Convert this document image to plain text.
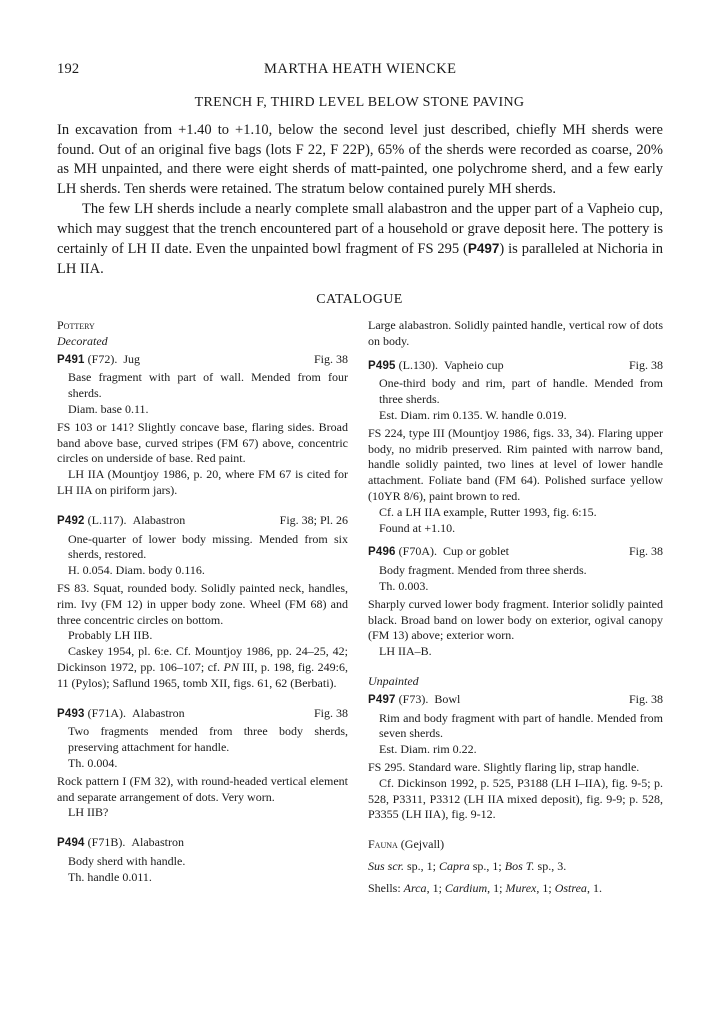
192	MARTHA HEATH WIENCKE
TRENCH F, THIRD LEVEL BELOW STONE PAVING

In excavation from +1.40 to +1.10, below the second level just described, chiefly MH sherds were found. Out of an original five bags (lots F 22, F 22P), 65% of the sherds were recorded as coarse, 20% as MH unpainted, and there were eight sherds of matt-painted, one polychrome sherd, and a few early LH sherds. Ten sherds were retained. The stratum below contained purely MH sherds.

The few LH sherds include a nearly complete small alabastron and the upper part of a Vapheio cup, which may suggest that the trench encountered part of a household or grave deposit here. The pottery is certainly of LH II date. Even the unpainted bowl fragment of FS 295 (P497) is paralleled at Nichoria in LH IIA.

CATALOGUE

Pottery

Decorated

P491 (F72). Jug	Fig. 38

Base fragment with part of wall. Mended from four sherds.

Diam. base 0.11.

FS 103 or 141? Slightly concave base, flaring sides. Broad band above base, curved stripes (FM 67) above, concentric circles on underside of base. Red paint.

LH IIA (Mountjoy 1986, p. 20, where FM 67 is cited for LH IIA on piriform jars).

P492 (L.117). Alabastron	Fig. 38; Pl. 26

One-quarter of lower body missing. Mended from six sherds, restored.

H. 0.054. Diam. body 0.116.

FS 83. Squat, rounded body. Solidly painted neck, handles, rim. Ivy (FM 12) in upper body zone. Wheel (FM 68) and three concentric circles on bottom.

Probably LH IIB.

Caskey 1954, pl. 6:e. Cf. Mountjoy 1986, pp. 24–25, 42; Dickinson 1972, pp. 106–107; cf. PN III, p. 198, fig. 249:6, 11 (Pylos); Saflund 1965, tomb XII, figs. 61, 62 (Berbati).

P493 (F71A). Alabastron	Fig. 38

Two fragments mended from three body sherds, preserving attachment for handle.

Th. 0.004.

Rock pattern I (FM 32), with round-headed vertical element and separate arrangement of dots. Very worn.

LH IIB?

P494 (F71B). Alabastron

Body sherd with handle.

Th. handle 0.011.

Large alabastron. Solidly painted handle, vertical row of dots on body.

P495 (L.130). Vapheio cup	Fig. 38

One-third body and rim, part of handle. Mended from three sherds.

Est. Diam. rim 0.135. W. handle 0.019.

FS 224, type III (Mountjoy 1986, figs. 33, 34). Flaring upper body, no midrib preserved. Rim painted with narrow band, handle solidly painted, two lines at level of lower handle attachment. Foliate band (FM 64). Polished surface yellow (10YR 8/6), paint brown to red.

Cf. a LH IIA example, Rutter 1993, fig. 6:15.

Found at +1.10.

P496 (F70A). Cup or goblet	Fig. 38

Body fragment. Mended from three sherds.

Th. 0.003.

Sharply curved lower body fragment. Interior solidly painted black. Broad band on lower body on exterior, ogival canopy (FM 13) above; exterior worn.

LH IIA–B.

Unpainted

P497 (F73). Bowl	Fig. 38

Rim and body fragment with part of handle. Mended from seven sherds.

Est. Diam. rim 0.22.

FS 295. Standard ware. Slightly flaring lip, strap handle.

Cf. Dickinson 1992, p. 525, P3188 (LH I–IIA), fig. 9-5; p. 528, P3311, P3312 (LH IIA mixed deposit), fig. 9-9; p. 528, P3355 (LH IIA), fig. 9-12.

Fauna (Gejvall)

Sus scr. sp., 1; Capra sp., 1; Bos T. sp., 3.

Shells: Arca, 1; Cardium, 1; Murex, 1; Ostrea, 1.
